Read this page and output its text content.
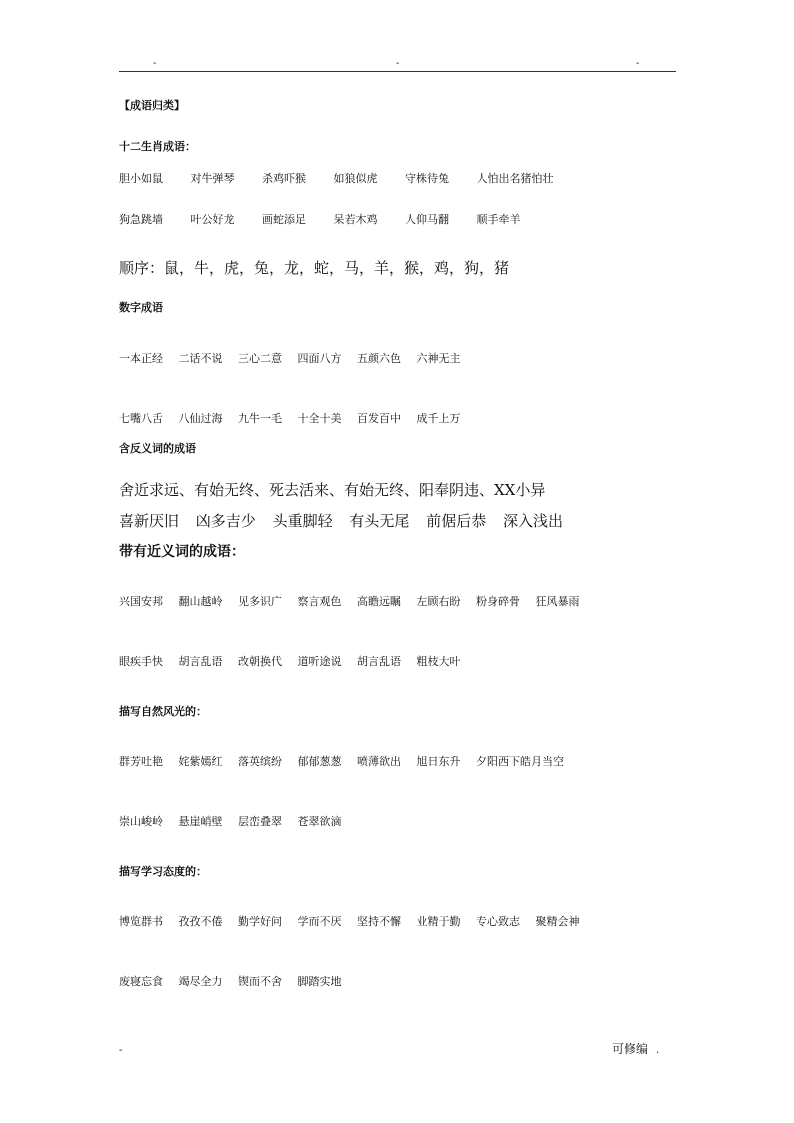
-	-	-
【成语归类】
十二生肖成语：
胆小如鼠	对牛弹琴	杀鸡吓猴	如狼似虎	守株待兔	人怕出名猪怕壮
狗急跳墙	叶公好龙	画蛇添足	呆若木鸡	人仰马翻	顺手牵羊
顺序：鼠，牛，虎，兔，龙，蛇，马，羊，猴，鸡，狗，猪
数字成语
一本正经 二话不说 三心二意 四面八方 五颜六色 六神无主
七嘴八舌 八仙过海 九牛一毛 十全十美 百发百中 成千上万
含反义词的成语
舍近求远、有始无终、死去活来、有始无终、阳奉阴违、XX小异
喜新厌旧 凶多吉少 头重脚轻 有头无尾 前倨后恭 深入浅出
带有近义词的成语：
兴国安邦 翻山越岭 见多识广 察言观色 高瞻远瞩 左顾右盼 粉身碎骨 狂风暴雨
眼疾手快 胡言乱语 改朝换代 道听途说 胡言乱语 粗枝大叶
描写自然风光的：
群芳吐艳 姹紫嫣红 落英缤纷 郁郁葱葱 喷薄欲出 旭日东升 夕阳西下皓月当空
崇山峻岭 悬崖峭壁 层峦叠翠 苍翠欲滴
描写学习态度的：
博览群书 孜孜不倦 勤学好问 学而不厌 坚持不懈 业精于勤 专心致志 聚精会神
废寝忘食 竭尽全力 锲而不舍 脚踏实地
-	可修编 .
